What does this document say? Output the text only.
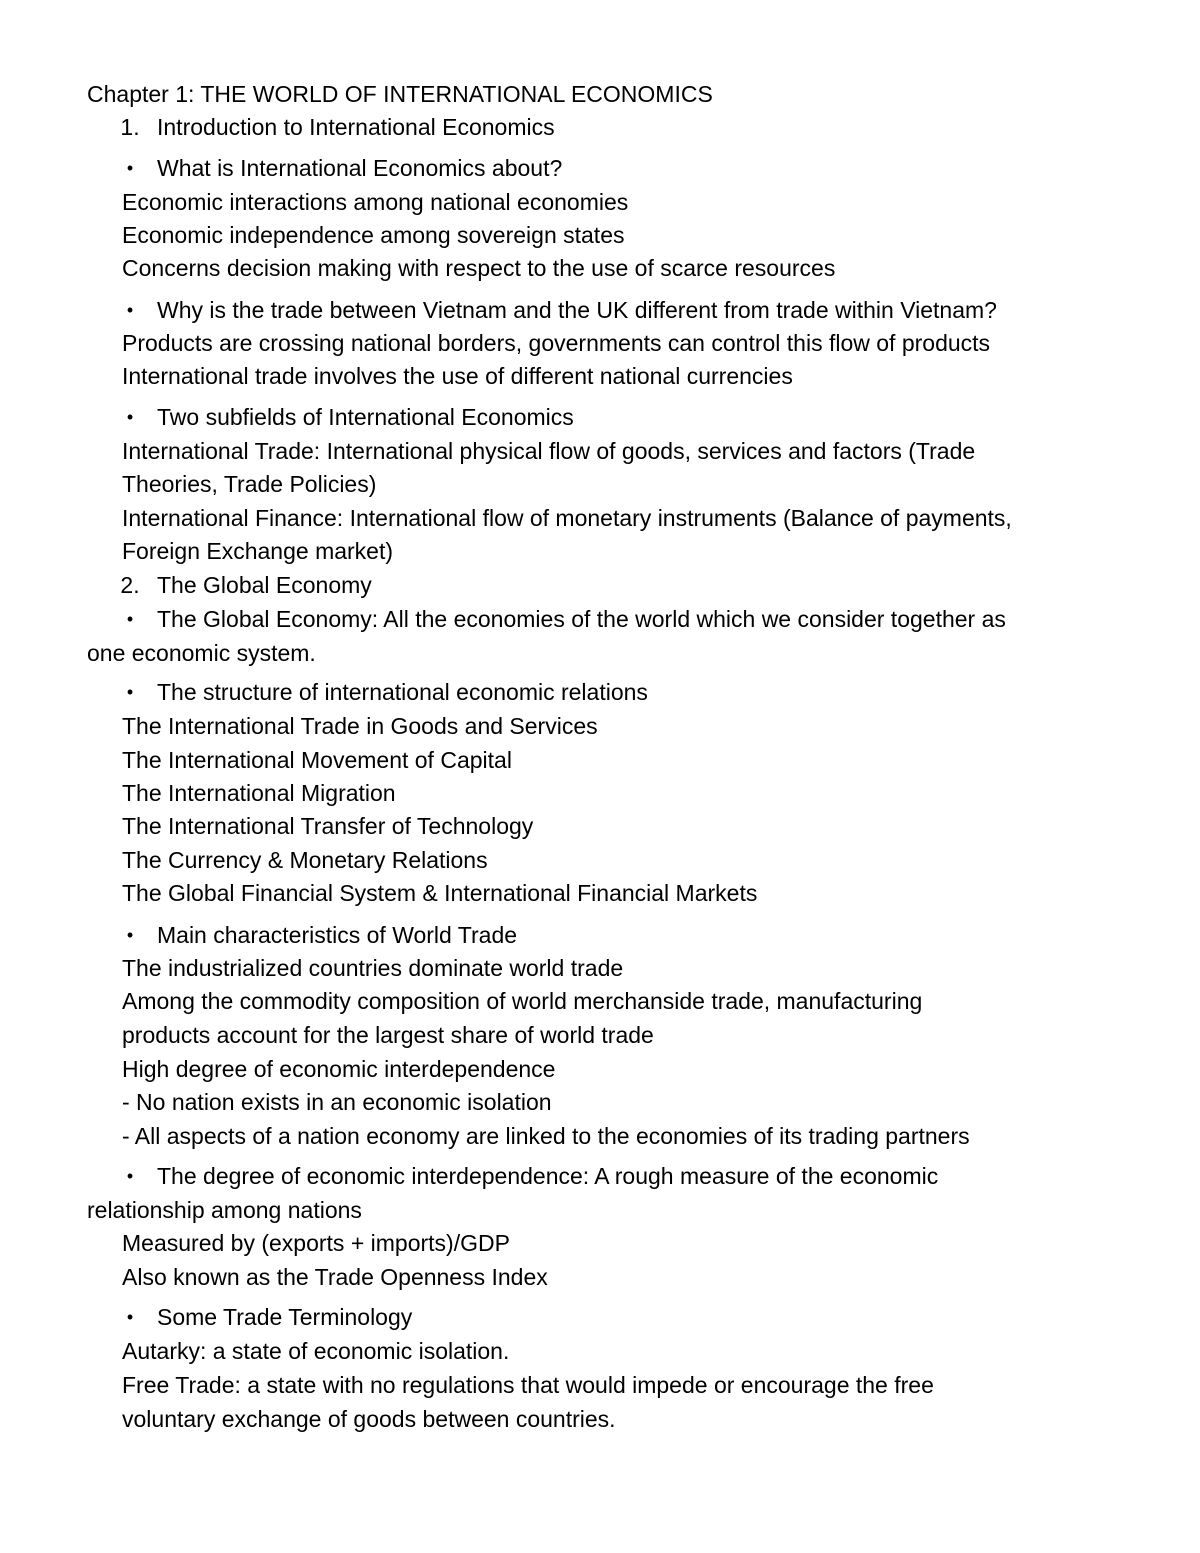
Chapter 1: THE WORLD OF INTERNATIONAL ECONOMICS
1. Introduction to International Economics
•	What is International Economics about?
Economic interactions among national economies
Economic independence among sovereign states
Concerns decision making with respect to the use of scarce resources
•	Why is the trade between Vietnam and the UK different from trade within Vietnam?
Products are crossing national borders, governments can control this flow of products
International trade involves the use of different national currencies
•	Two subfields of International Economics
International Trade: International physical flow of goods, services and factors (Trade
Theories, Trade Policies)
International Finance: International flow of monetary instruments (Balance of payments,
Foreign Exchange market)
2. The Global Economy
•	The Global Economy: All the economies of the world which we consider together as
one economic system.
•	The structure of international economic relations
The International Trade in Goods and Services
The International Movement of Capital
The International Migration
The International Transfer of Technology
The Currency & Monetary Relations
The Global Financial System & International Financial Markets
•	Main characteristics of World Trade
The industrialized countries dominate world trade
Among the commodity composition of world merchanside trade, manufacturing
products account for the largest share of world trade
High degree of economic interdependence
- No nation exists in an economic isolation
- All aspects of a nation economy are linked to the economies of its trading partners
•	The degree of economic interdependence: A rough measure of the economic
relationship among nations
Measured by (exports + imports)/GDP
Also known as the Trade Openness Index
•	Some Trade Terminology
Autarky: a state of economic isolation.
Free Trade: a state with no regulations that would impede or encourage the free
voluntary exchange of goods between countries.
